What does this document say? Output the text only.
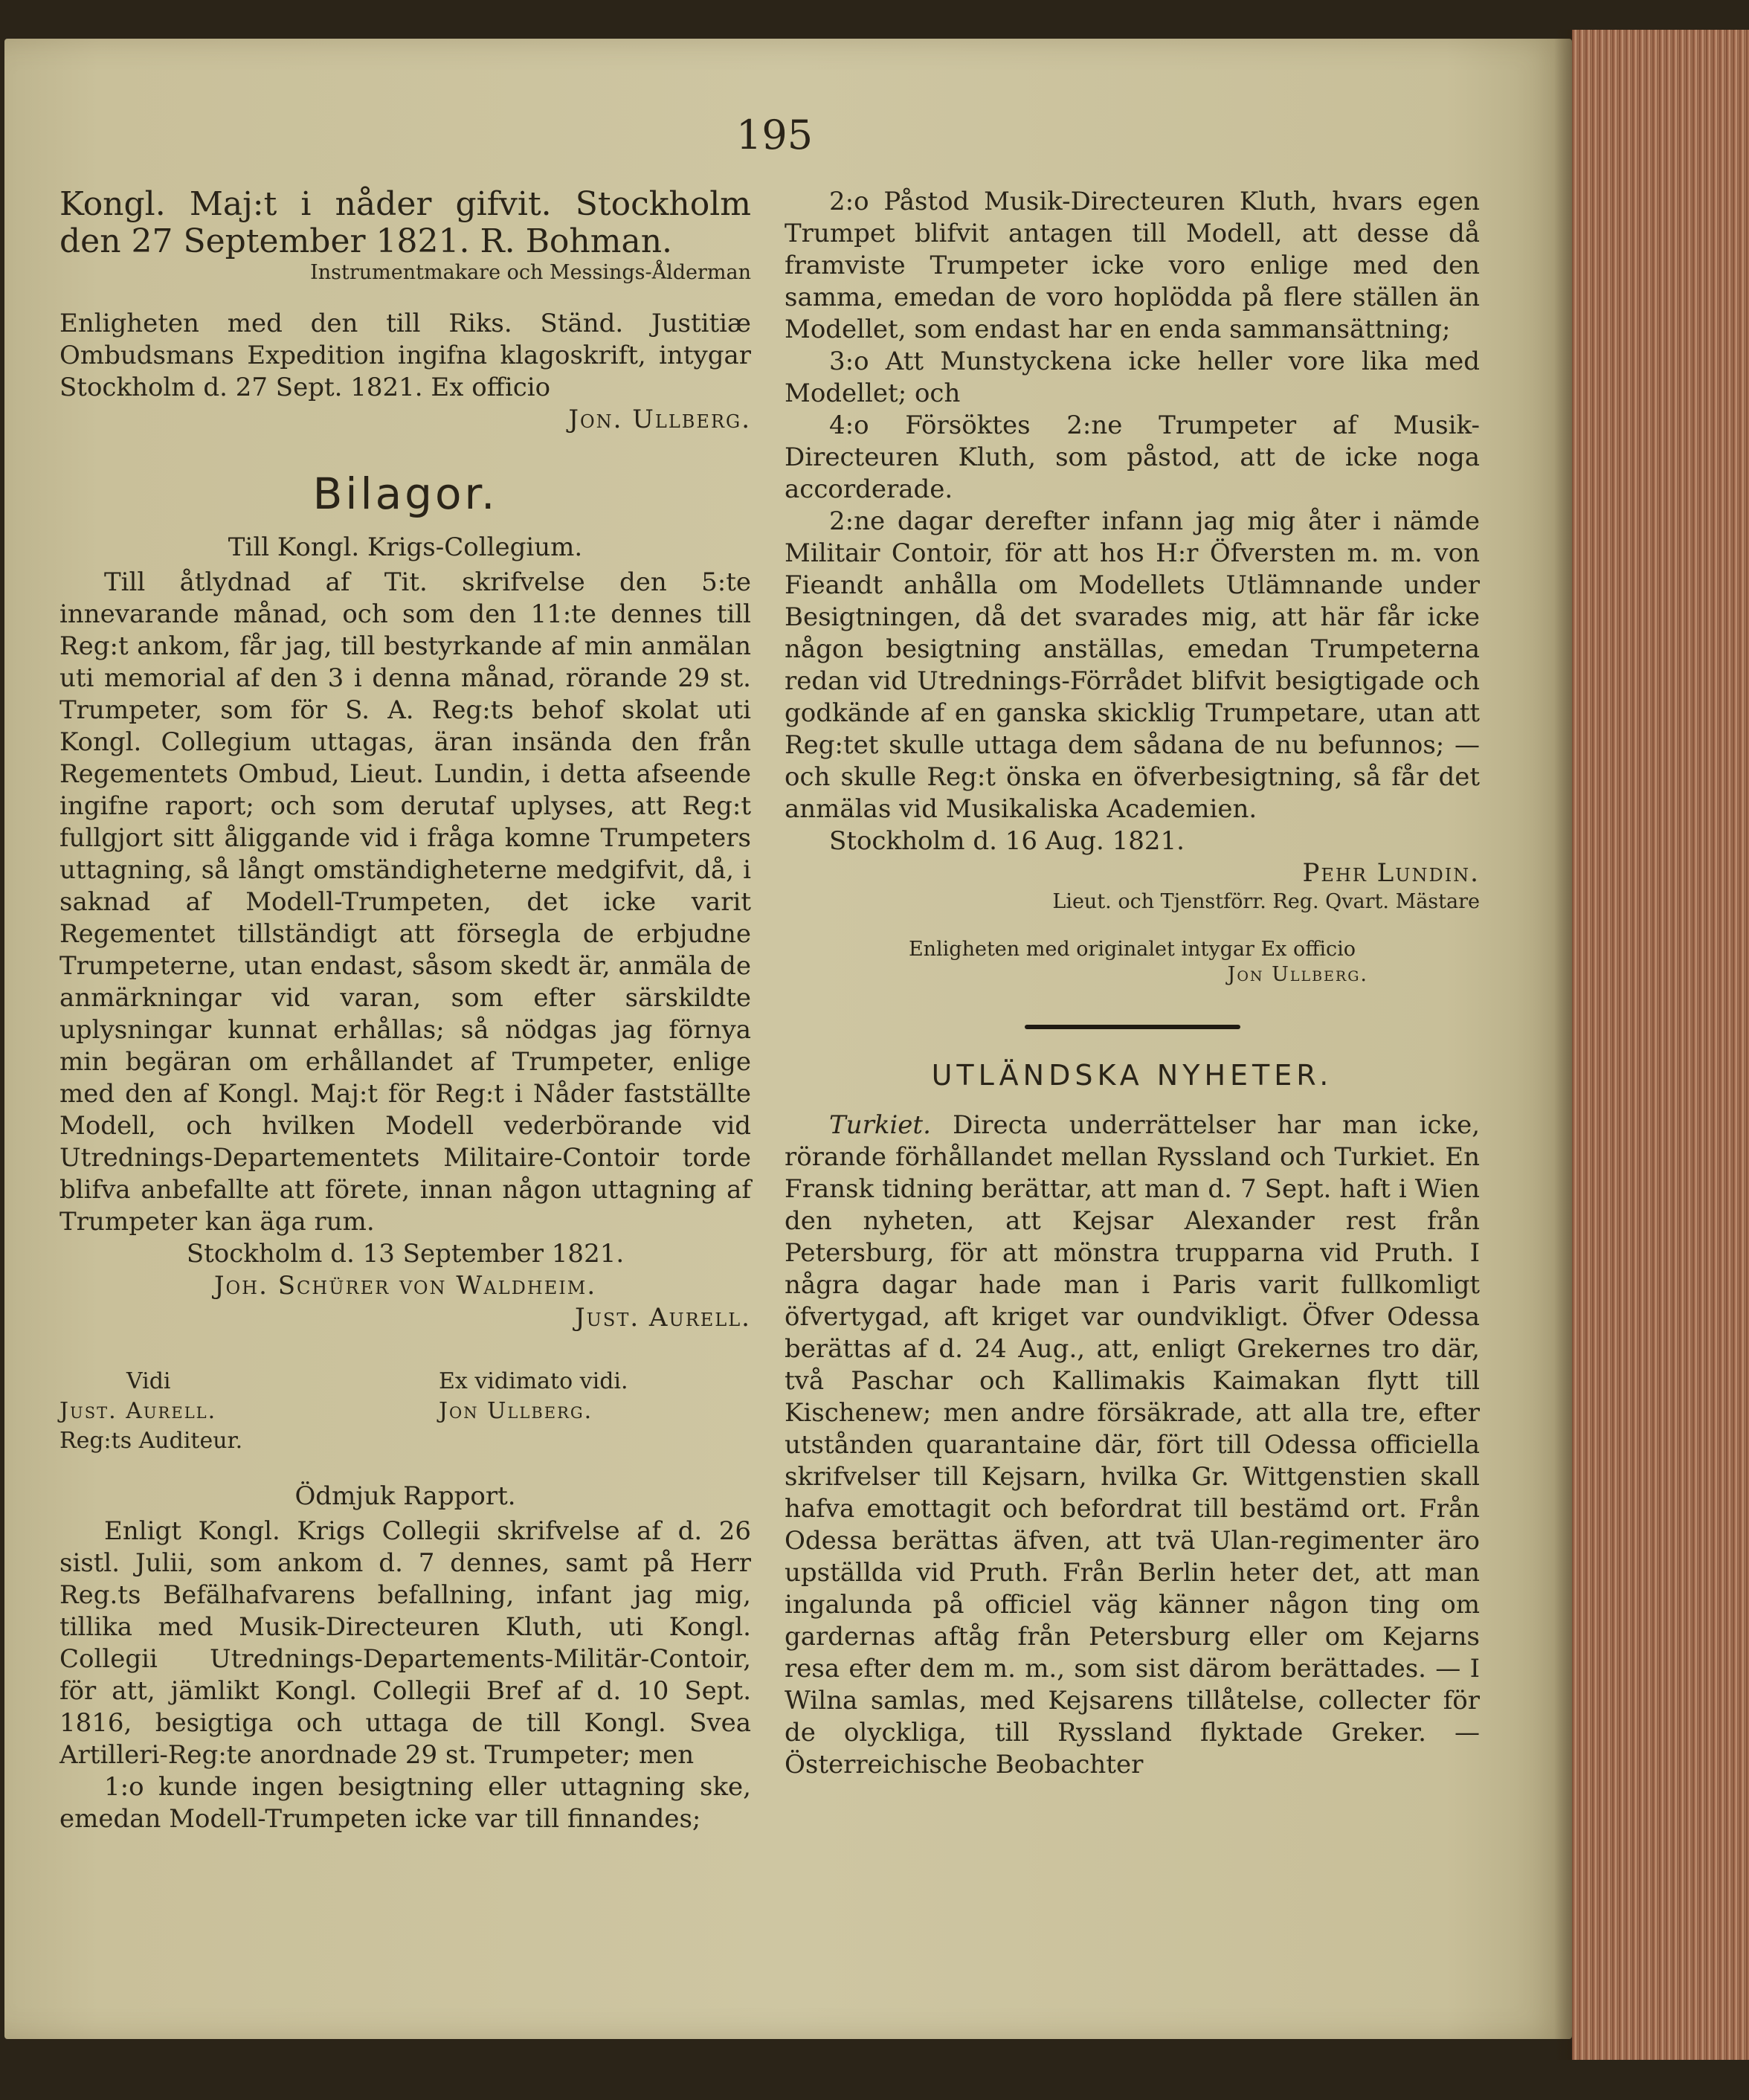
195

Kongl. Maj:t i nåder gifvit. Stockholm den 27 September 1821. R. Bohman.

Instrumentmakare och Messings-Ålderman

Enligheten med den till Riks. Ständ. Justitiæ Ombudsmans Expedition ingifna klagoskrift, intygar Stockholm d. 27 Sept. 1821. Ex officio

Jon. Ullberg.

Bilagor.

Till Kongl. Krigs-Collegium.

Till åtlydnad af Tit. skrifvelse den 5:te innevarande månad, och som den 11:te dennes till Reg:t ankom, får jag, till bestyrkande af min anmälan uti memorial af den 3 i denna månad, rörande 29 st. Trumpeter, som för S. A. Reg:ts behof skolat uti Kongl. Collegium uttagas, äran insända den från Regementets Ombud, Lieut. Lundin, i detta afseende ingifne raport; och som derutaf uplyses, att Reg:t fullgjort sitt åliggande vid i fråga komne Trumpeters uttagning, så långt omständigheterne medgifvit, då, i saknad af Modell-Trumpeten, det icke varit Regementet tillständigt att försegla de erbjudne Trumpeterne, utan endast, såsom skedt är, anmäla de anmärkningar vid varan, som efter särskildte uplysningar kunnat erhållas; så nödgas jag förnya min begäran om erhållandet af Trumpeter, enlige med den af Kongl. Maj:t för Reg:t i Nåder fastställte Modell, och hvilken Modell vederbörande vid Utrednings-Departementets Militaire-Contoir torde blifva anbefallte att förete, innan någon uttagning af Trumpeter kan äga rum.

Stockholm d. 13 September 1821.

Joh. Schürer von Waldheim.

Just. Aurell.

Vidi
Just. Aurell.
Reg:ts Auditeur.
Ex vidimato vidi.
Jon Ullberg.

Ödmjuk Rapport.

Enligt Kongl. Krigs Collegii skrifvelse af d. 26 sistl. Julii, som ankom d. 7 dennes, samt på Herr Reg.ts Befälhafvarens befallning, infant jag mig, tillika med Musik-Directeuren Kluth, uti Kongl. Collegii Utrednings-Departements-Militär-Contoir, för att, jämlikt Kongl. Collegii Bref af d. 10 Sept. 1816, besigtiga och uttaga de till Kongl. Svea Artilleri-Reg:te anordnade 29 st. Trumpeter; men

1:o kunde ingen besigtning eller uttagning ske, emedan Modell-Trumpeten icke var till finnandes;

2:o Påstod Musik-Directeuren Kluth, hvars egen Trumpet blifvit antagen till Modell, att desse då framviste Trumpeter icke voro enlige med den samma, emedan de voro hoplödda på flere ställen än Modellet, som endast har en enda sammansättning;

3:o Att Munstyckena icke heller vore lika med Modellet; och

4:o Försöktes 2:ne Trumpeter af Musik-Directeuren Kluth, som påstod, att de icke noga accorderade.

2:ne dagar derefter infann jag mig åter i nämde Militair Contoir, för att hos H:r Öfversten m. m. von Fieandt anhålla om Modellets Utlämnande under Besigtningen, då det svarades mig, att här får icke någon besigtning anställas, emedan Trumpeterna redan vid Utrednings-Förrådet blifvit besigtigade och godkände af en ganska skicklig Trumpetare, utan att Reg:tet skulle uttaga dem sådana de nu befunnos; — och skulle Reg:t önska en öfverbesigtning, så får det anmälas vid Musikaliska Academien.

Stockholm d. 16 Aug. 1821.

Pehr Lundin.

Lieut. och Tjenstförr. Reg. Qvart. Mästare

Enligheten med originalet intygar Ex officio

Jon Ullberg.

UTLÄNDSKA NYHETER.

Turkiet. Directa underrättelser har man icke, rörande förhållandet mellan Ryssland och Turkiet. En Fransk tidning berättar, att man d. 7 Sept. haft i Wien den nyheten, att Kejsar Alexander rest från Petersburg, för att mönstra trupparna vid Pruth. I några dagar hade man i Paris varit fullkomligt öfvertygad, aft kriget var oundvikligt. Öfver Odessa berättas af d. 24 Aug., att, enligt Grekernes tro där, två Paschar och Kallimakis Kaimakan flytt till Kischenew; men andre försäkrade, att alla tre, efter utstånden quarantaine där, fört till Odessa officiella skrifvelser till Kejsarn, hvilka Gr. Wittgenstien skall hafva emottagit och befordrat till bestämd ort. Från Odessa berättas äfven, att tvä Ulan-regimenter äro upställda vid Pruth. Från Berlin heter det, att man ingalunda på officiel väg känner någon ting om gardernas aftåg från Petersburg eller om Kejarns resa efter dem m. m., som sist därom berättades. — I Wilna samlas, med Kejsarens tillåtelse, collecter för de olyckliga, till Ryssland flyktade Greker. — Österreichische Beobachter
